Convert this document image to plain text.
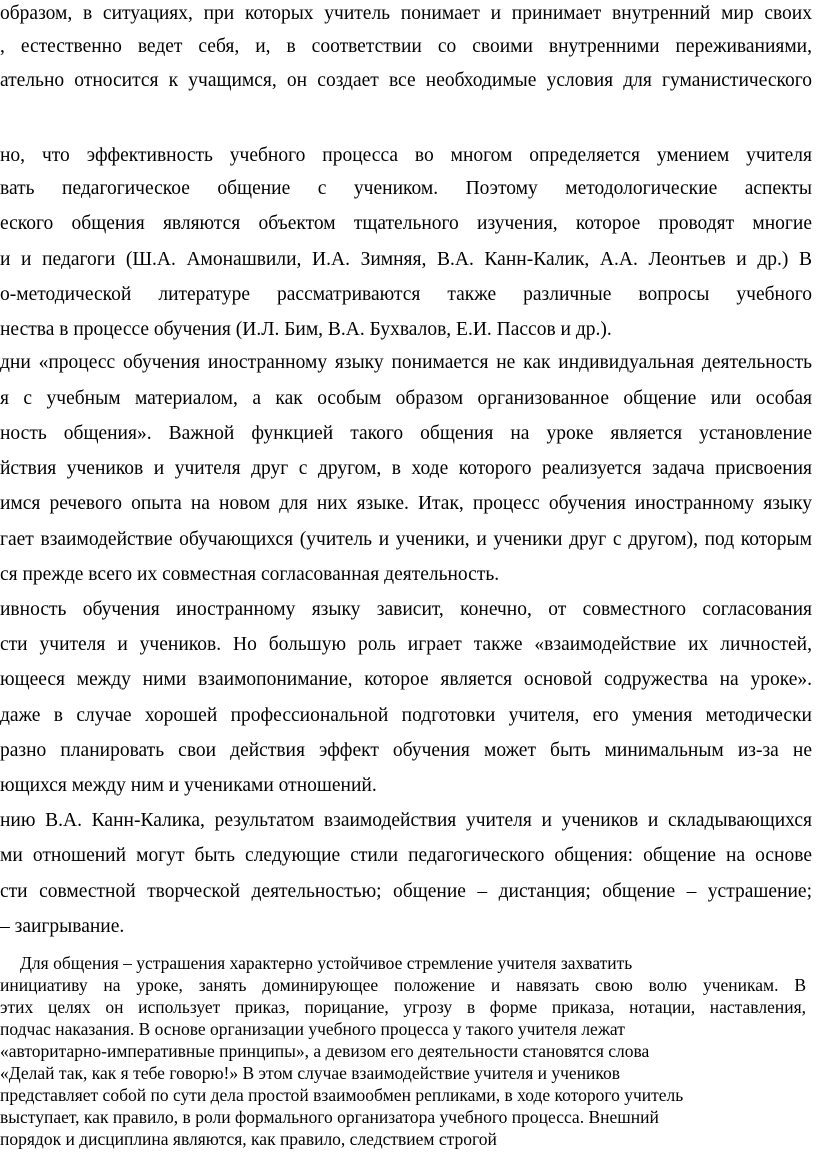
образом, в ситуациях, при которых учитель понимает и принимает внутренний мир своих

, естественно ведет себя, и, в соответствии со своими внутренними переживаниями,

ательно относится к учащимся, он создает все необходимые условия для гуманистического

но, что эффективность учебного процесса во многом определяется умением учителя

вать педагогическое общение с учеником. Поэтому методологические аспекты

еского общения являются объектом тщательного изучения, которое проводят многие

и и педагоги (Ш.А. Амонашвили, И.А. Зимняя, В.А. Канн-Калик, А.А. Леонтьев и др.) В

о-методической литературе рассматриваются также различные вопросы учебного

нества в процессе обучения (И.Л. Бим, В.А. Бухвалов, Е.И. Пассов и др.).

дни «процесс обучения иностранному языку понимается не как индивидуальная деятельность

я с учебным материалом, а как особым образом организованное общение или особая

ность общения». Важной функцией такого общения на уроке является установление

йствия учеников и учителя друг с другом, в ходе которого реализуется задача присвоения

имся речевого опыта на новом для них языке. Итак, процесс обучения иностранному языку

гает взаимодействие обучающихся (учитель и ученики, и ученики друг с другом), под которым

ся прежде всего их совместная согласованная деятельность.

ивность обучения иностранному языку зависит, конечно, от совместного согласования

сти учителя и учеников. Но большую роль играет также «взаимодействие их личностей,

ющееся между ними взаимопонимание, которое является основой содружества на уроке».

даже в случае хорошей профессиональной подготовки учителя, его умения методически

разно планировать свои действия эффект обучения может быть минимальным из-за не

ющихся между ним и учениками отношений.

нию В.А. Канн-Калика, результатом взаимодействия учителя и учеников и складывающихся

ми отношений могут быть следующие стили педагогического общения: общение на основе

сти совместной творческой деятельностью; общение – дистанция; общение – устрашение;

– заигрывание.

Для общения – устрашения характерно устойчивое стремление учителя захватить

инициативу на уроке, занять доминирующее положение и навязать свою волю ученикам. В

этих целях он использует приказ, порицание, угрозу в форме приказа, нотации, наставления,

подчас наказания. В основе организации учебного процесса у такого учителя лежат

«авторитарно-императивные принципы», а девизом его деятельности становятся слова

«Делай так, как я тебе говорю!» В этом случае взаимодействие учителя и учеников

представляет собой по сути дела простой взаимообмен репликами, в ходе которого учитель

выступает, как правило, в роли формального организатора учебного процесса. Внешний

порядок и дисциплина являются, как правило, следствием строгой
